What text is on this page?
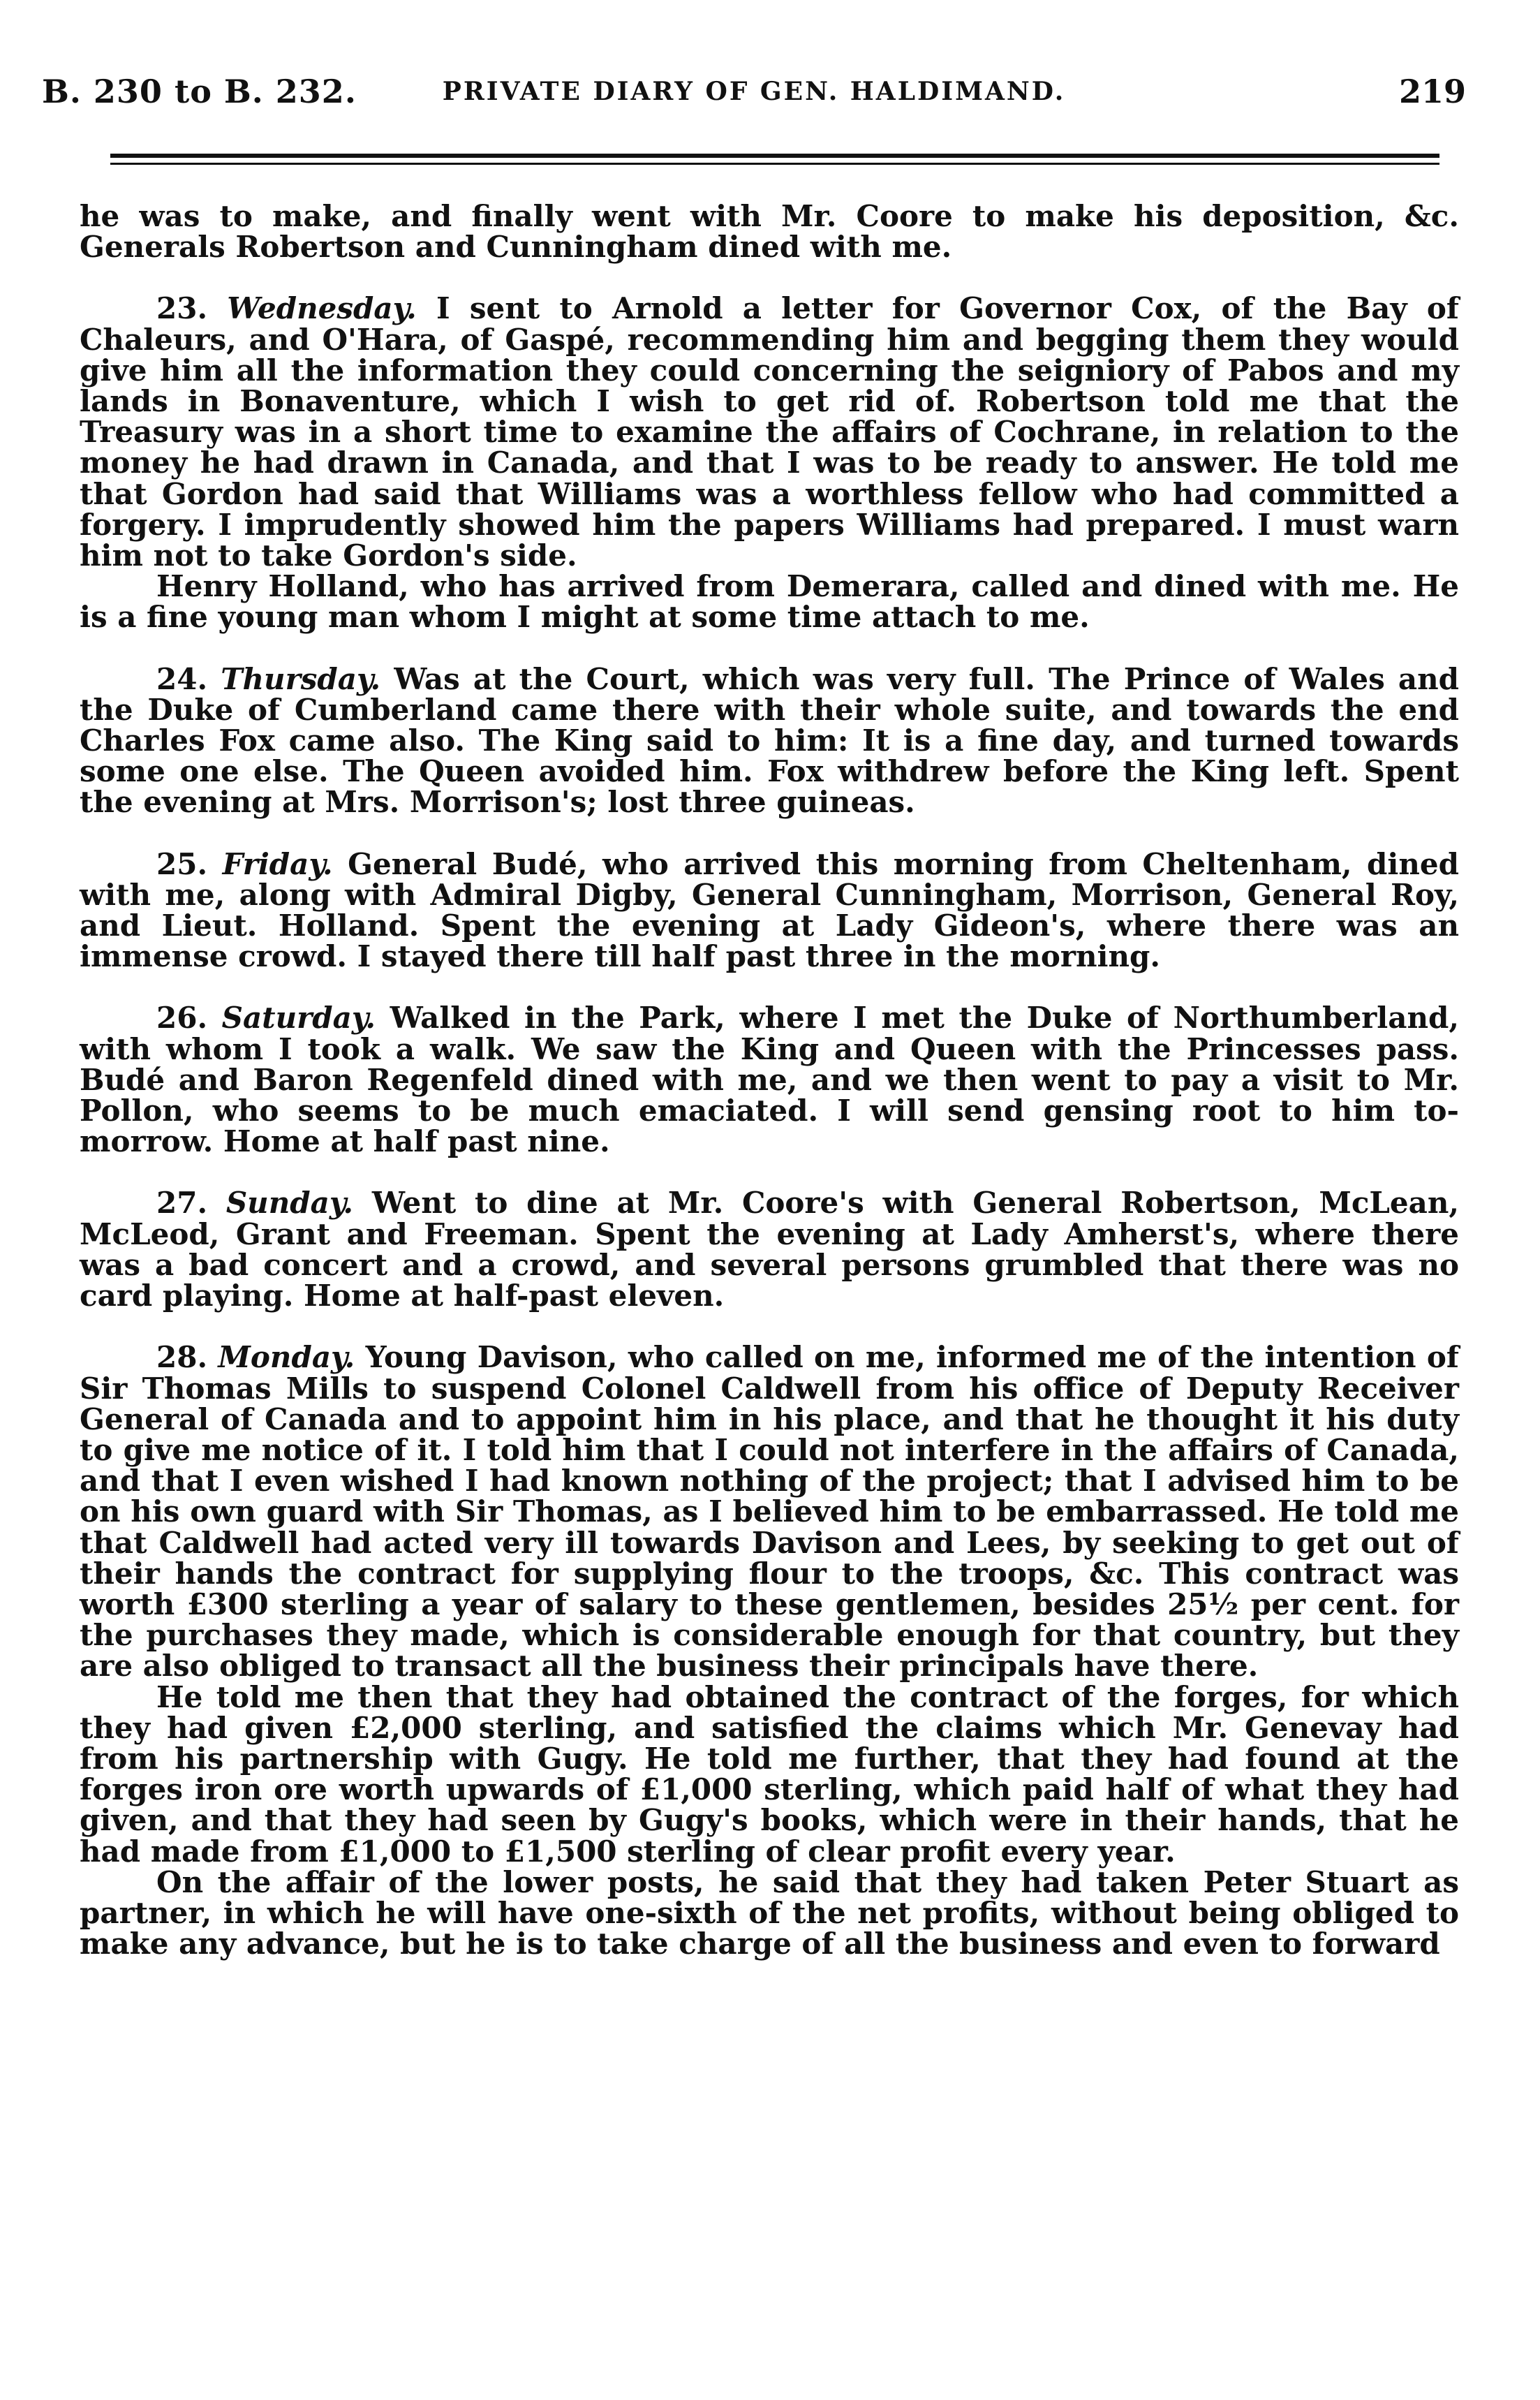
B. 230 to B. 232.	PRIVATE DIARY OF GEN. HALDIMAND.	219

he was to make, and finally went with Mr. Coore to make his deposition, &c. Generals Robertson and Cunningham dined with me.

23. Wednesday. I sent to Arnold a letter for Governor Cox, of the Bay of Chaleurs, and O'Hara, of Gaspé, recommending him and begging them they would give him all the information they could concerning the seigniory of Pabos and my lands in Bonaventure, which I wish to get rid of. Robertson told me that the Treasury was in a short time to examine the affairs of Cochrane, in relation to the money he had drawn in Canada, and that I was to be ready to answer. He told me that Gordon had said that Williams was a worthless fellow who had committed a forgery. I imprudently showed him the papers Williams had prepared. I must warn him not to take Gordon's side.

Henry Holland, who has arrived from Demerara, called and dined with me. He is a fine young man whom I might at some time attach to me.

24. Thursday. Was at the Court, which was very full. The Prince of Wales and the Duke of Cumberland came there with their whole suite, and towards the end Charles Fox came also. The King said to him: It is a fine day, and turned towards some one else. The Queen avoided him. Fox withdrew before the King left. Spent the evening at Mrs. Morrison's; lost three guineas.

25. Friday. General Budé, who arrived this morning from Cheltenham, dined with me, along with Admiral Digby, General Cunningham, Morrison, General Roy, and Lieut. Holland. Spent the evening at Lady Gideon's, where there was an immense crowd. I stayed there till half past three in the morning.

26. Saturday. Walked in the Park, where I met the Duke of Northumberland, with whom I took a walk. We saw the King and Queen with the Princesses pass. Budé and Baron Regenfeld dined with me, and we then went to pay a visit to Mr. Pollon, who seems to be much emaciated. I will send gensing root to him to-morrow. Home at half past nine.

27. Sunday. Went to dine at Mr. Coore's with General Robertson, McLean, McLeod, Grant and Freeman. Spent the evening at Lady Amherst's, where there was a bad concert and a crowd, and several persons grumbled that there was no card playing. Home at half-past eleven.

28. Monday. Young Davison, who called on me, informed me of the intention of Sir Thomas Mills to suspend Colonel Caldwell from his office of Deputy Receiver General of Canada and to appoint him in his place, and that he thought it his duty to give me notice of it. I told him that I could not interfere in the affairs of Canada, and that I even wished I had known nothing of the project; that I advised him to be on his own guard with Sir Thomas, as I believed him to be embarrassed. He told me that Caldwell had acted very ill towards Davison and Lees, by seeking to get out of their hands the contract for supplying flour to the troops, &c. This contract was worth £300 sterling a year of salary to these gentlemen, besides 25½ per cent. for the purchases they made, which is considerable enough for that country, but they are also obliged to transact all the business their principals have there.

He told me then that they had obtained the contract of the forges, for which they had given £2,000 sterling, and satisfied the claims which Mr. Genevay had from his partnership with Gugy. He told me further, that they had found at the forges iron ore worth upwards of £1,000 sterling, which paid half of what they had given, and that they had seen by Gugy's books, which were in their hands, that he had made from £1,000 to £1,500 sterling of clear profit every year.

On the affair of the lower posts, he said that they had taken Peter Stuart as partner, in which he will have one-sixth of the net profits, without being obliged to make any advance, but he is to take charge of all the business and even to forward
